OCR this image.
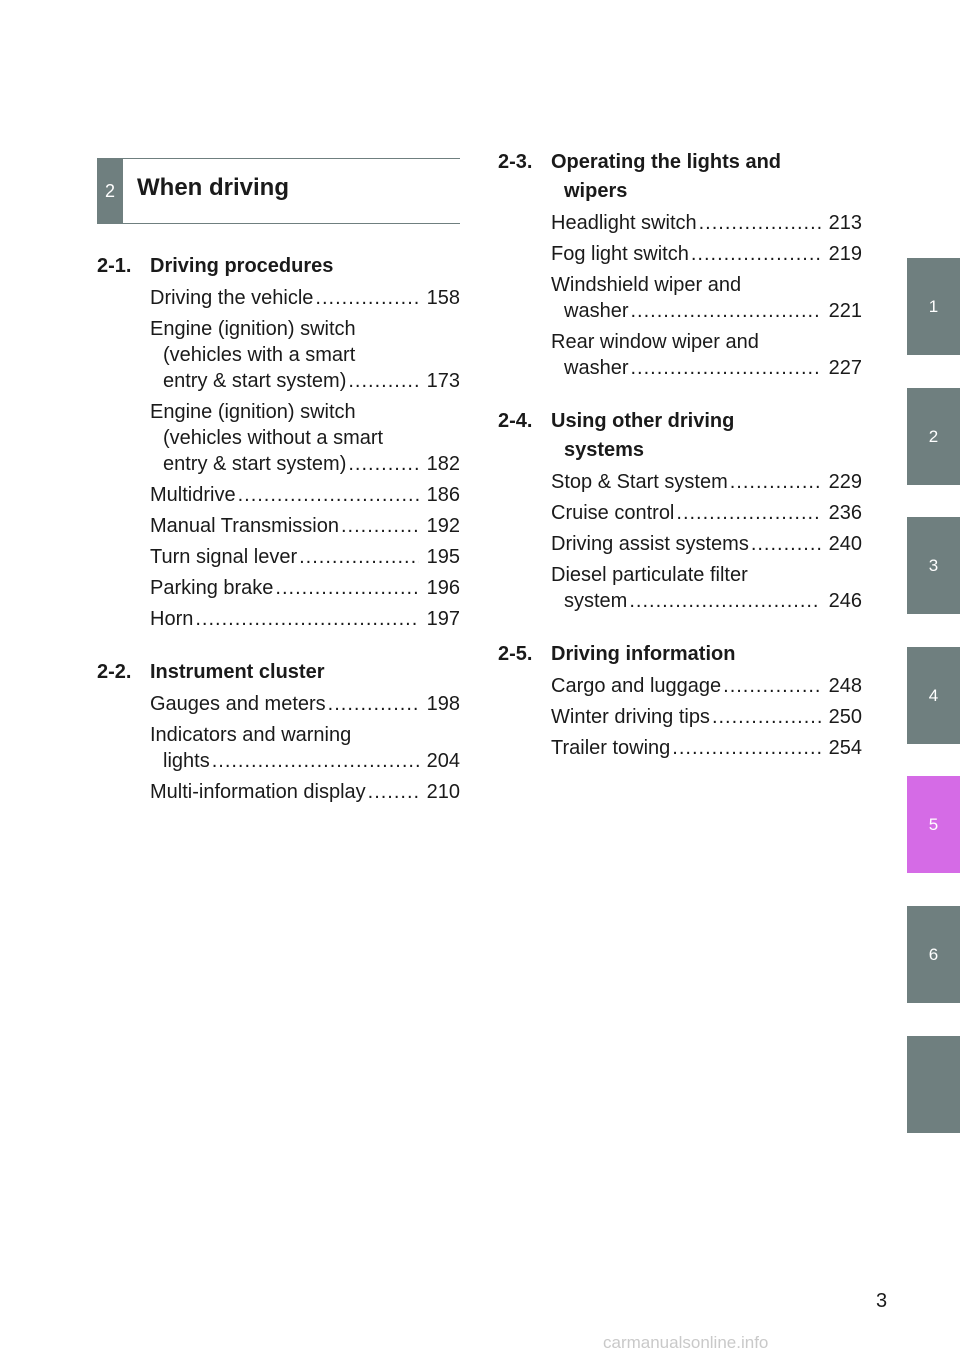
2 When driving
2-1. Driving procedures
Driving the vehicle .....	158
Engine (ignition) switch
(vehicles with a smart
entry & start system) .....	173
Engine (ignition) switch
(vehicles without a smart
entry & start system) .....	182
Multidrive .....	186
Manual Transmission .....	192
Turn signal lever .....	195
Parking brake .....	196
Horn .....	197
2-2. Instrument cluster
Gauges and meters .....	198
Indicators and warning
lights .....	204
Multi-information display .....	210
2-3. Operating the lights and
wipers
Headlight switch .....	213
Fog light switch .....	219
Windshield wiper and
washer .....	221
Rear window wiper and
washer .....	227
2-4. Using other driving
systems
Stop & Start system .....	229
Cruise control .....	236
Driving assist systems .....	240
Diesel particulate filter
system .....	246
2-5. Driving information
Cargo and luggage .....	248
Winter driving tips .....	250
Trailer towing .....	254
1
2
3
4
5
6
3
carmanualsonline.info
